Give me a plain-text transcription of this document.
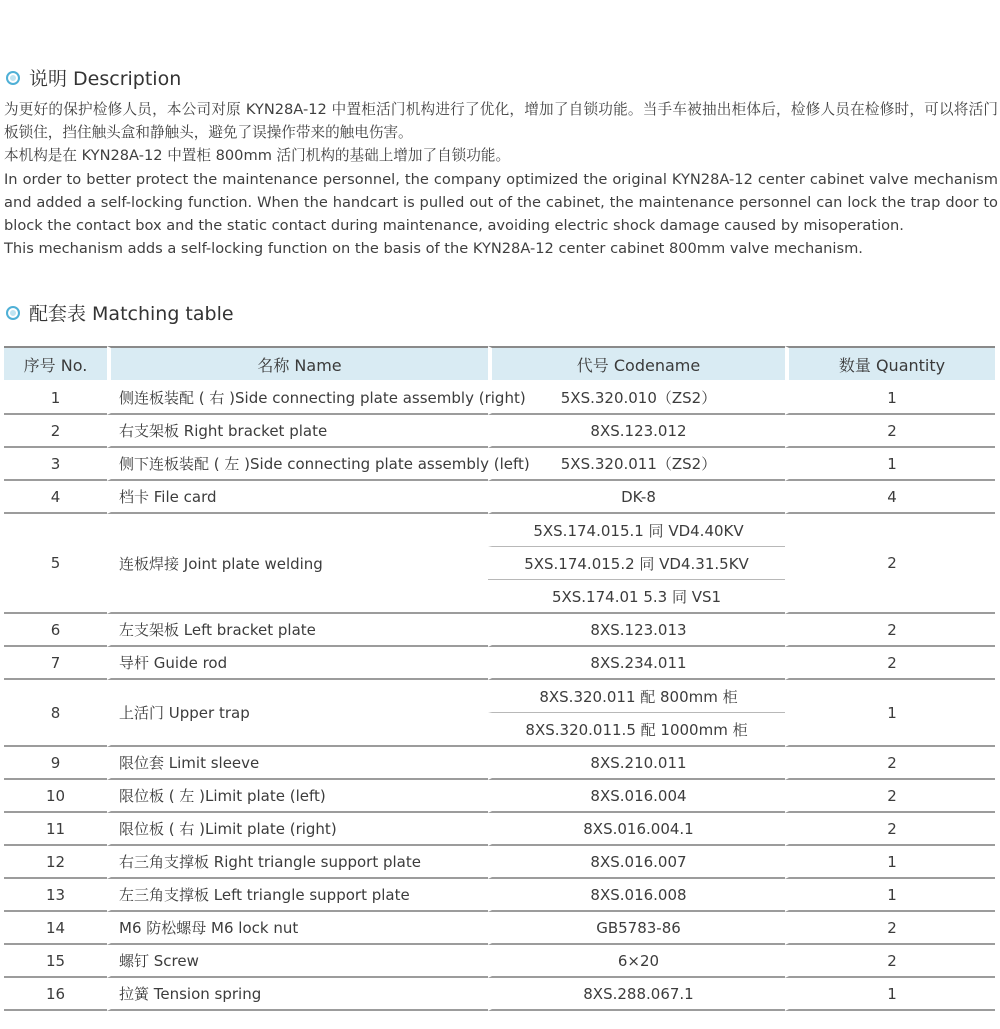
说明 Description

为更好的保护检修人员，本公司对原 KYN28A-12 中置柜活门机构进行了优化，增加了自锁功能。当手车被抽出柜体后，检修人员在检修时，可以将活门板锁住，挡住触头盒和静触头，避免了误操作带来的触电伤害。

本机构是在 KYN28A-12 中置柜 800mm 活门机构的基础上增加了自锁功能。

In order to better protect the maintenance personnel, the company optimized the original KYN28A-12 center cabinet valve mechanism and added a self-locking function. When the handcart is pulled out of the cabinet, the maintenance personnel can lock the trap door to block the contact box and the static contact during maintenance, avoiding electric shock damage caused by misoperation.

This mechanism adds a self-locking function on the basis of the KYN28A-12 center cabinet 800mm valve mechanism.

配套表 Matching table
序号 No.	名称 Name	代号 Codename	数量 Quantity
1	侧连板装配 ( 右 )Side connecting plate assembly (right)	5XS.320.010（ZS2）	1
2	右支架板 Right bracket plate	8XS.123.012	2
3	侧下连板装配 ( 左 )Side connecting plate assembly (left)	5XS.320.011（ZS2）	1
4	档卡 File card	DK-8	4
5	连板焊接 Joint plate welding	5XS.174.015.1 同 VD4.40KV	2
		5XS.174.015.2 同 VD4.31.5KV	
		5XS.174.01 5.3 同 VS1	
6	左支架板 Left bracket plate	8XS.123.013	2
7	导杆 Guide rod	8XS.234.011	2
8	上活门 Upper trap	8XS.320.011 配 800mm 柜	1
		8XS.320.011.5 配 1000mm 柜	
9	限位套 Limit sleeve	8XS.210.011	2
10	限位板 ( 左 )Limit plate (left)	8XS.016.004	2
11	限位板 ( 右 )Limit plate (right)	8XS.016.004.1	2
12	右三角支撑板 Right triangle support plate	8XS.016.007	1
13	左三角支撑板 Left triangle support plate	8XS.016.008	1
14	M6 防松螺母 M6 lock nut	GB5783-86	2
15	螺钉 Screw	6×20	2
16	拉簧 Tension spring	8XS.288.067.1	1
